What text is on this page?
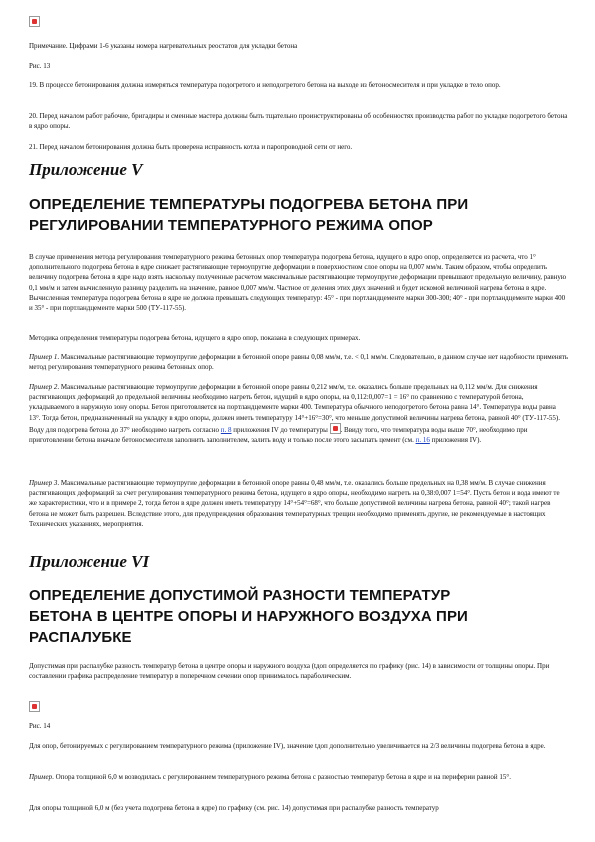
Примечание. Цифрами 1-6 указаны номера нагревательных реостатов для укладки бетона

Рис. 13

19. В процессе бетонирования должна измеряться температура подогретого и неподогретого бетона на выходе из бетоносмесителя и при укладке в тело опор.

20. Перед началом работ рабочие, бригадиры и сменные мастера должны быть тщательно проинструктированы об особенностях производства работ по укладке подогретого бетона в ядро опоры.

21. Перед началом бетонирования должна быть проверена исправность котла и паропроводной сети от него.

Приложение V
ОПРЕДЕЛЕНИЕ ТЕМПЕРАТУРЫ ПОДОГРЕВА БЕТОНА ПРИ
РЕГУЛИРОВАНИИ ТЕМПЕРАТУРНОГО РЕЖИМА ОПОР

В случае применения метода регулирования температурного режима бетонных опор температура подогрева бетона, идущего в ядро опор, определяется из расчета, что 1° дополнительного подогрева бетона в ядре снижает растягивающие термоупругие деформации в поверхностном слое опоры на 0,007 мм/м. Таким образом, чтобы определить величину подогрева бетона в ядре надо взять наскольку полученные расчетом максимальные растягивающие термоупругие деформации превышают предельную величину, равную 0,1 мм/м и затем вычисленную разницу разделить на значение, равное 0,007 мм/м. Частное от деления этих двух значений и будет искомой величиной нагрева бетона в ядре. Вычисленная температура подогрева бетона в ядре не должна превышать следующих температур: 45° - при портландцементе марки 300-300; 40° - при портландцементе марки 400 и 35° - при портландцементе марки 500 (ТУ-117-55).

Методика определения температуры подогрева бетона, идущего в ядро опор, показана в следующих примерах.

Пример 1. Максимальные растягивающие термоупругие деформации в бетонной опоре равны 0,08 мм/м, т.е. < 0,1 мм/м. Следовательно, в данном случае нет надобности применять метод регулирования температурного режима бетонных опор.

Пример 2. Максимальные растягивающие термоупругие деформации в бетонной опоре равны 0,212 мм/м, т.е. оказались больше предельных на 0,112 мм/м. Для снижения растягивающих деформаций до предельной величины необходимо нагреть бетон, идущий в ядро опоры, на 0,112:0,007=1 = 16° по сравнению с температурой бетона, укладываемого в наружную зону опоры. Бетон приготовляется на портландцементе марки 400. Температура обычного неподогретого бетона равна 14°. Температура воды равна 13°. Тогда бетон, предназначенный на укладку в ядро опоры, должен иметь температуру 14°+16°=30°, что меньше допустимой величины нагрева бетона, равной 40° (ТУ-117-55). Воду для подогрева бетона до 37° необходимо нагреть согласно п. 8 приложения IV до температуры . Ввиду того, что температура воды выше 70°, необходимо при приготовлении бетона вначале бетоносмесителя заполнить заполнителем, залить воду и только после этого засыпать цемент (см. п. 16 приложения IV).

Пример 3. Максимальные растягивающие термоупругие деформации в бетонной опоре равны 0,48 мм/м, т.е. оказались больше предельных на 0,38 мм/м. В случае снижения растягивающих деформаций за счет регулирования температурного режима бетона, идущего в ядро опоры, необходимо нагреть на 0,38:0,007 1=54°. Пусть бетон и вода имеют те же характеристики, что и в примере 2, тогда бетон в ядре должен иметь температуру 14°+54°=68°, что больше допустимой величины нагрева бетона, равной 40°; такой нагрев бетона не может быть разрешен. Вследствие этого, для предупреждения образования температурных трещин необходимо применять другие, не рекомендуемые в настоящих Технических указаниях, мероприятия.

Приложение VI
ОПРЕДЕЛЕНИЕ ДОПУСТИМОЙ РАЗНОСТИ ТЕМПЕРАТУР
БЕТОНА В ЦЕНТРЕ ОПОРЫ И НАРУЖНОГО ВОЗДУХА ПРИ
РАСПАЛУБКЕ

Допустимая при распалубке разность температур бетона в центре опоры и наружного воздуха (tдоп определяется по графику (рис. 14) в зависимости от толщины опоры. При составлении графика распределение температур в поперечном сечении опор принималось параболическим.

Рис. 14

Для опор, бетонируемых с регулированием температурного режима (приложение IV), значение tдоп дополнительно увеличивается на 2/3 величины подогрева бетона в ядре.

Пример. Опора толщиной 6,0 м возводилась с регулированием температурного режима бетона с разностью температур бетона в ядре и на периферии равной 15°.

Для опоры толщиной 6,0 м (без учета подогрева бетона в ядре) по графику (см. рис. 14) допустимая при распалубке разность температур
